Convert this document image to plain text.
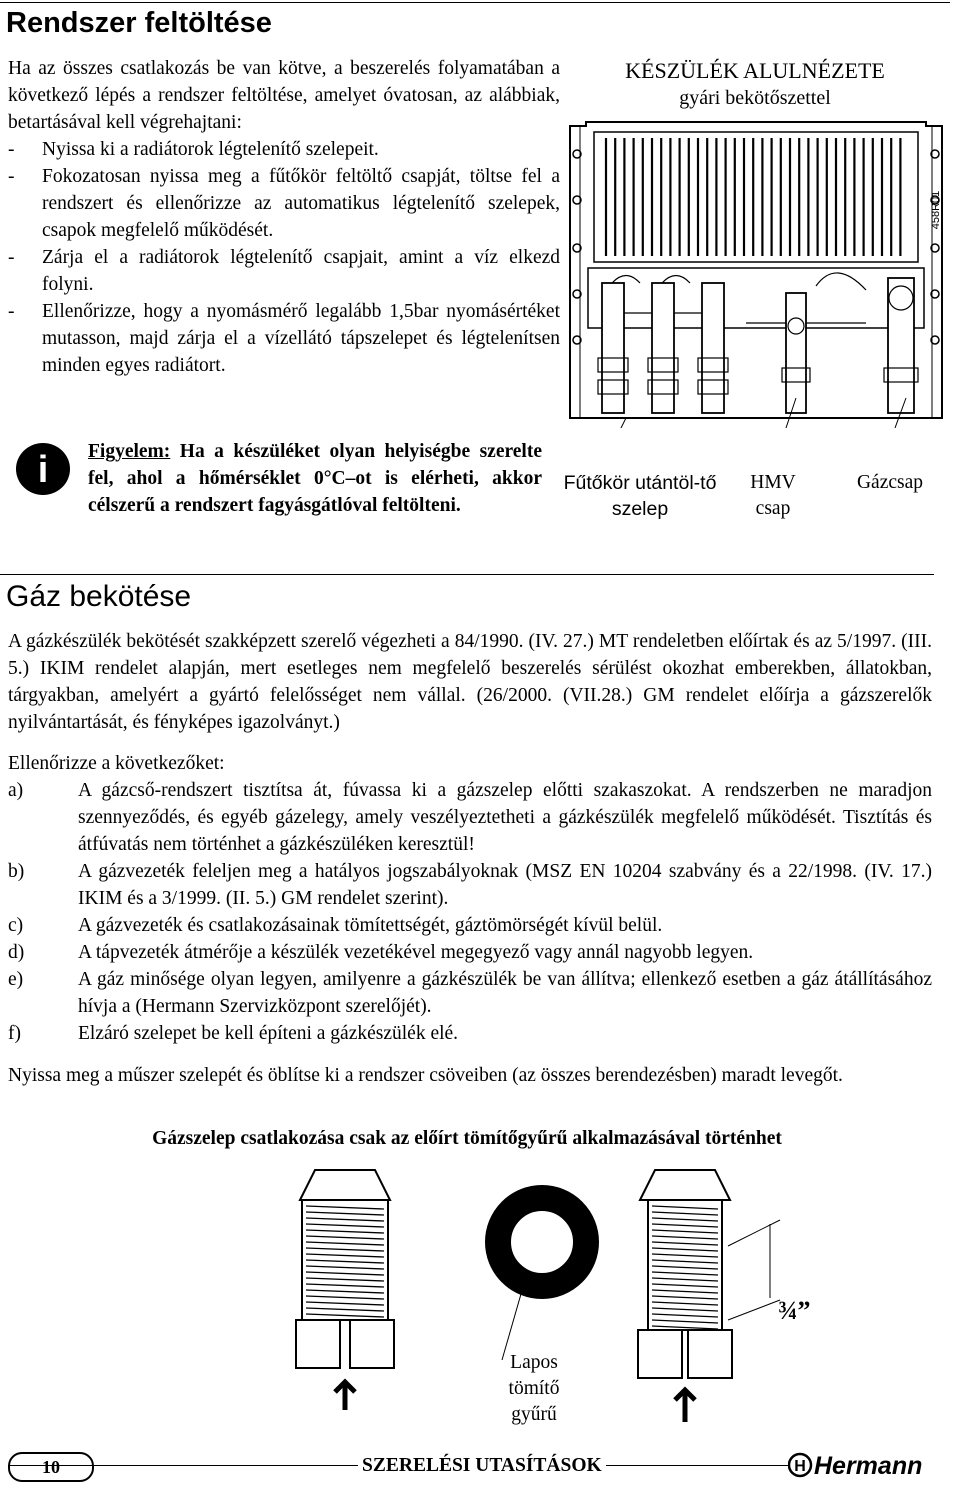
Rendszer feltöltése

Ha az összes csatlakozás be van kötve, a beszerelés folyamatában a következő lépés a rendszer feltöltése, amelyet óvatosan, az alábbiak, betartásával kell végrehajtani:

-	Nyissa ki a radiátorok légtelenítő szelepeit.
-	Fokozatosan nyissa meg a fűtőkör feltöltő csapját, töltse fel a rendszert és ellenőrizze az automatikus légtelenítő szelepek, csapok megfelelő működését.
-	Zárja el a radiátorok légtelenítő csapjait, amint a víz elkezd folyni.
-	Ellenőrizze, hogy a nyomásmérő legalább 1,5bar nyomásértéket mutasson, majd zárja el a vízellátó tápszelepet és légtelenítsen minden egyes radiátort.
i Figyelem: Ha a készüléket olyan helyiségbe szerelte fel, ahol a hőmérséklet 0°C–ot is elérheti, akkor célszerű a rendszert fagyásgátlóval feltölteni.
KÉSZÜLÉK ALULNÉZETE
gyári bekötőszettel
458R01
Fűtőkör utántöl-tő szelep
HMV csap
Gázcsap
Gáz bekötése
A gázkészülék bekötését szakképzett szerelő végezheti a 84/1990. (IV. 27.) MT rendeletben előírtak és az 5/1997. (III. 5.) IKIM rendelet alapján, mert esetleges nem megfelelő beszerelés sérülést okozhat emberekben, állatokban, tárgyakban, amelyért a gyártó felelősséget nem vállal. (26/2000. (VII.28.) GM rendelet előírja a gázszerelők nyilvántartását, és fényképes igazolványt.)
Ellenőrizze a következőket:
a)	A gázcső-rendszert tisztítsa át, fúvassa ki a gázszelep előtti szakaszokat. A rendszerben ne maradjon szennyeződés, és egyéb gázelegy, amely veszélyeztetheti a gázkészülék megfelelő működését. Tisztítás és átfúvatás nem történhet a gázkészüléken keresztül!
b)	A gázvezeték feleljen meg a hatályos jogszabályoknak (MSZ EN 10204 szabvány és a 22/1998. (IV. 17.) IKIM és a 3/1999. (II. 5.) GM rendelet szerint).
c)	A gázvezeték és csatlakozásainak tömítettségét, gáztömörségét kívül belül.
d)	A tápvezeték átmérője a készülék vezetékével megegyező vagy annál nagyobb legyen.
e)	A gáz minősége olyan legyen, amilyenre a gázkészülék be van állítva; ellenkező esetben a gáz átállításához hívja a (Hermann Szervizközpont szerelőjét).
f)	Elzáró szelepet be kell építeni a gázkészülék elé.
Nyissa meg a műszer szelepét és öblítse ki a rendszer csöveiben (az összes berendezésben) maradt levegőt.
Gázszelep csatlakozása csak az előírt tömítőgyűrű alkalmazásával történhet
Lapos tömítő gyűrű
¾”
10	SZERELÉSI UTASÍTÁSOK	H Hermann
